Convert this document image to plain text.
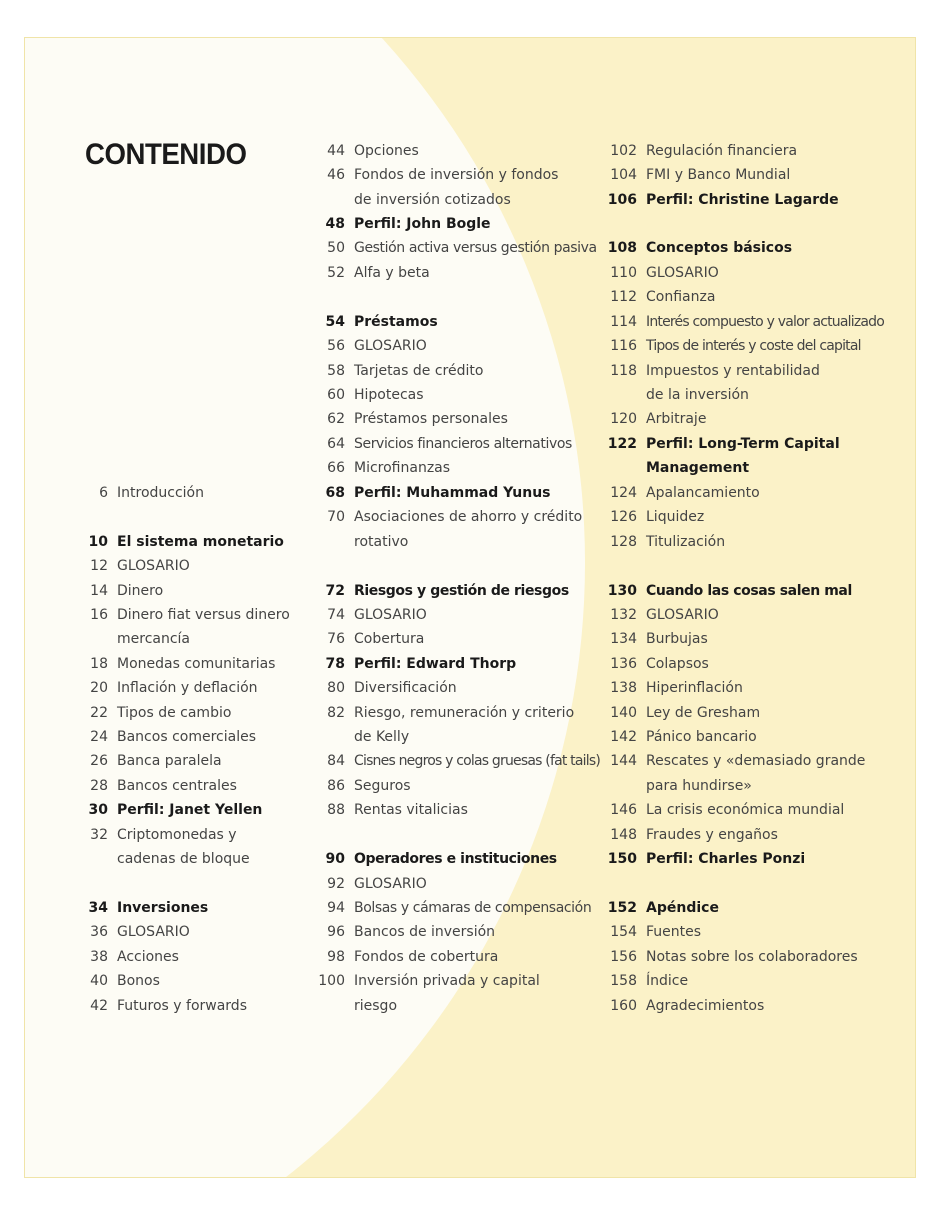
CONTENIDO
6 Introducción
10 El sistema monetario
12 GLOSARIO
14 Dinero
16 Dinero fiat versus dinero
mercancía
18 Monedas comunitarias
20 Inflación y deflación
22 Tipos de cambio
24 Bancos comerciales
26 Banca paralela
28 Bancos centrales
30 Perfil: Janet Yellen
32 Criptomonedas y
cadenas de bloque
34 Inversiones
36 GLOSARIO
38 Acciones
40 Bonos
42 Futuros y forwards
44 Opciones
46 Fondos de inversión y fondos
de inversión cotizados
48 Perfil: John Bogle
50 Gestión activa versus gestión pasiva
52 Alfa y beta
54 Préstamos
56 GLOSARIO
58 Tarjetas de crédito
60 Hipotecas
62 Préstamos personales
64 Servicios financieros alternativos
66 Microfinanzas
68 Perfil: Muhammad Yunus
70 Asociaciones de ahorro y crédito
rotativo
72 Riesgos y gestión de riesgos
74 GLOSARIO
76 Cobertura
78 Perfil: Edward Thorp
80 Diversificación
82 Riesgo, remuneración y criterio
de Kelly
84 Cisnes negros y colas gruesas (fat tails)
86 Seguros
88 Rentas vitalicias
90 Operadores e instituciones
92 GLOSARIO
94 Bolsas y cámaras de compensación
96 Bancos de inversión
98 Fondos de cobertura
100 Inversión privada y capital
riesgo
102 Regulación financiera
104 FMI y Banco Mundial
106 Perfil: Christine Lagarde
108 Conceptos básicos
110 GLOSARIO
112 Confianza
114 Interés compuesto y valor actualizado
116 Tipos de interés y coste del capital
118 Impuestos y rentabilidad
de la inversión
120 Arbitraje
122 Perfil: Long-Term Capital
Management
124 Apalancamiento
126 Liquidez
128 Titulización
130 Cuando las cosas salen mal
132 GLOSARIO
134 Burbujas
136 Colapsos
138 Hiperinflación
140 Ley de Gresham
142 Pánico bancario
144 Rescates y «demasiado grande
para hundirse»
146 La crisis económica mundial
148 Fraudes y engaños
150 Perfil: Charles Ponzi
152 Apéndice
154 Fuentes
156 Notas sobre los colaboradores
158 Índice
160 Agradecimientos
